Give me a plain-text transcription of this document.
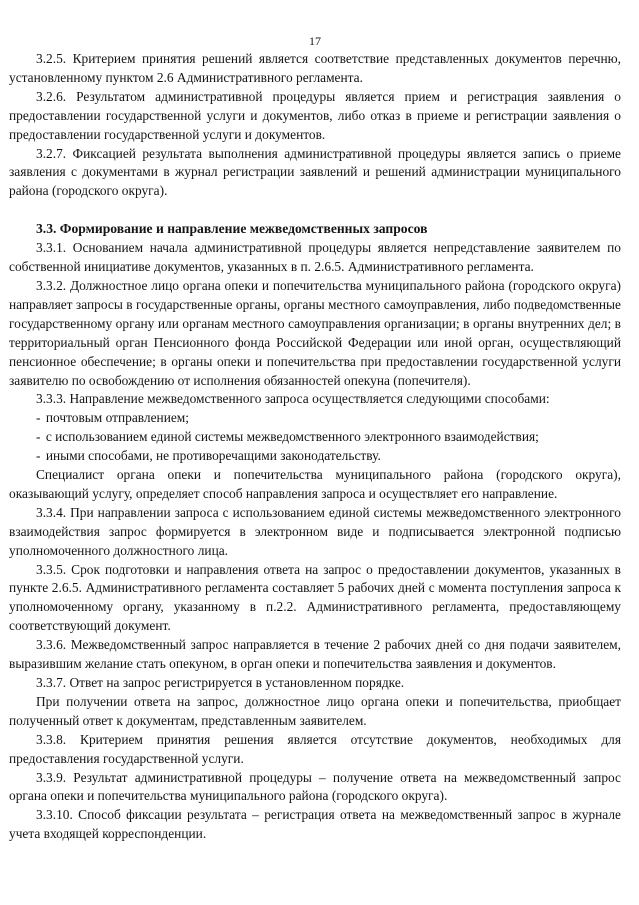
17

3.2.5. Критерием принятия решений является соответствие представленных документов перечню, установленному пунктом 2.6 Административного регламента.

3.2.6. Результатом административной процедуры является прием и регистрация заявления о предоставлении государственной услуги и документов, либо отказ в приеме и регистрации заявления о предоставлении государственной услуги и документов.

3.2.7. Фиксацией результата выполнения административной процедуры является запись о приеме заявления с документами в журнал регистрации заявлений и решений администрации муниципального района (городского округа).

3.3. Формирование и направление межведомственных запросов

3.3.1. Основанием начала административной процедуры является непредставление заявителем по собственной инициативе документов, указанных в п. 2.6.5. Административного регламента.

3.3.2. Должностное лицо органа опеки и попечительства муниципального района (городского округа) направляет запросы в государственные органы, органы местного самоуправления, либо подведомственные государственному органу или органам местного самоуправления организации; в органы внутренних дел; в территориальный орган Пенсионного фонда Российской Федерации или иной орган, осуществляющий пенсионное обеспечение; в органы опеки и попечительства при предоставлении государственной услуги заявителю по освобождению от исполнения обязанностей опекуна (попечителя).

3.3.3. Направление межведомственного запроса осуществляется следующими способами:

- почтовым отправлением;
- с использованием единой системы межведомственного электронного взаимодействия;
- иными способами, не противоречащими законодательству.

Специалист органа опеки и попечительства муниципального района (городского округа), оказывающий услугу, определяет способ направления запроса и осуществляет его направление.

3.3.4. При направлении запроса с использованием единой системы межведомственного электронного взаимодействия запрос формируется в электронном виде и подписывается электронной подписью уполномоченного должностного лица.

3.3.5. Срок подготовки и направления ответа на запрос о предоставлении документов, указанных в пункте 2.6.5. Административного регламента составляет 5 рабочих дней с момента поступления запроса к уполномоченному органу, указанному в п.2.2. Административного регламента, предоставляющему соответствующий документ.

3.3.6. Межведомственный запрос направляется в течение 2 рабочих дней со дня подачи заявителем, выразившим желание стать опекуном, в орган опеки и попечительства заявления и документов.

3.3.7. Ответ на запрос регистрируется в установленном порядке.

При получении ответа на запрос, должностное лицо органа опеки и попечительства, приобщает полученный ответ к документам, представленным заявителем.

3.3.8. Критерием принятия решения является отсутствие документов, необходимых для предоставления государственной услуги.

3.3.9. Результат административной процедуры – получение ответа на межведомственный запрос органа опеки и попечительства муниципального района (городского округа).

3.3.10. Способ фиксации результата – регистрация ответа на межведомственный запрос в журнале учета входящей корреспонденции.
